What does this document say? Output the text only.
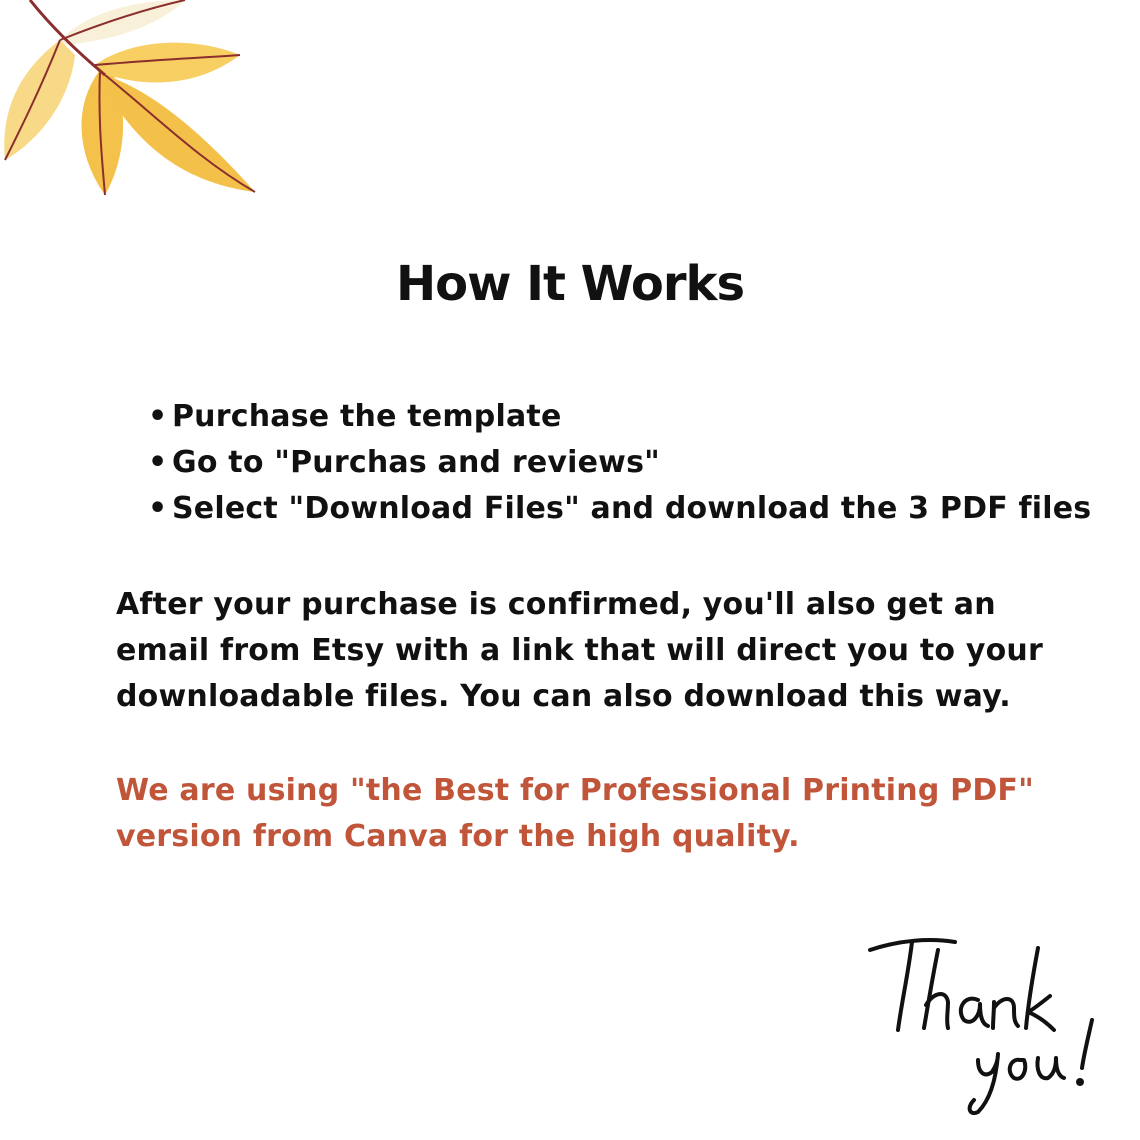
How It Works
• Purchase the template
• Go to "Purchas and reviews"
• Select "Download Files" and download the 3 PDF files

After your purchase is confirmed, you'll also get an email from Etsy with a link that will direct you to your downloadable files. You can also download this way.

We are using "the Best for Professional Printing PDF" version from Canva for the high quality.
